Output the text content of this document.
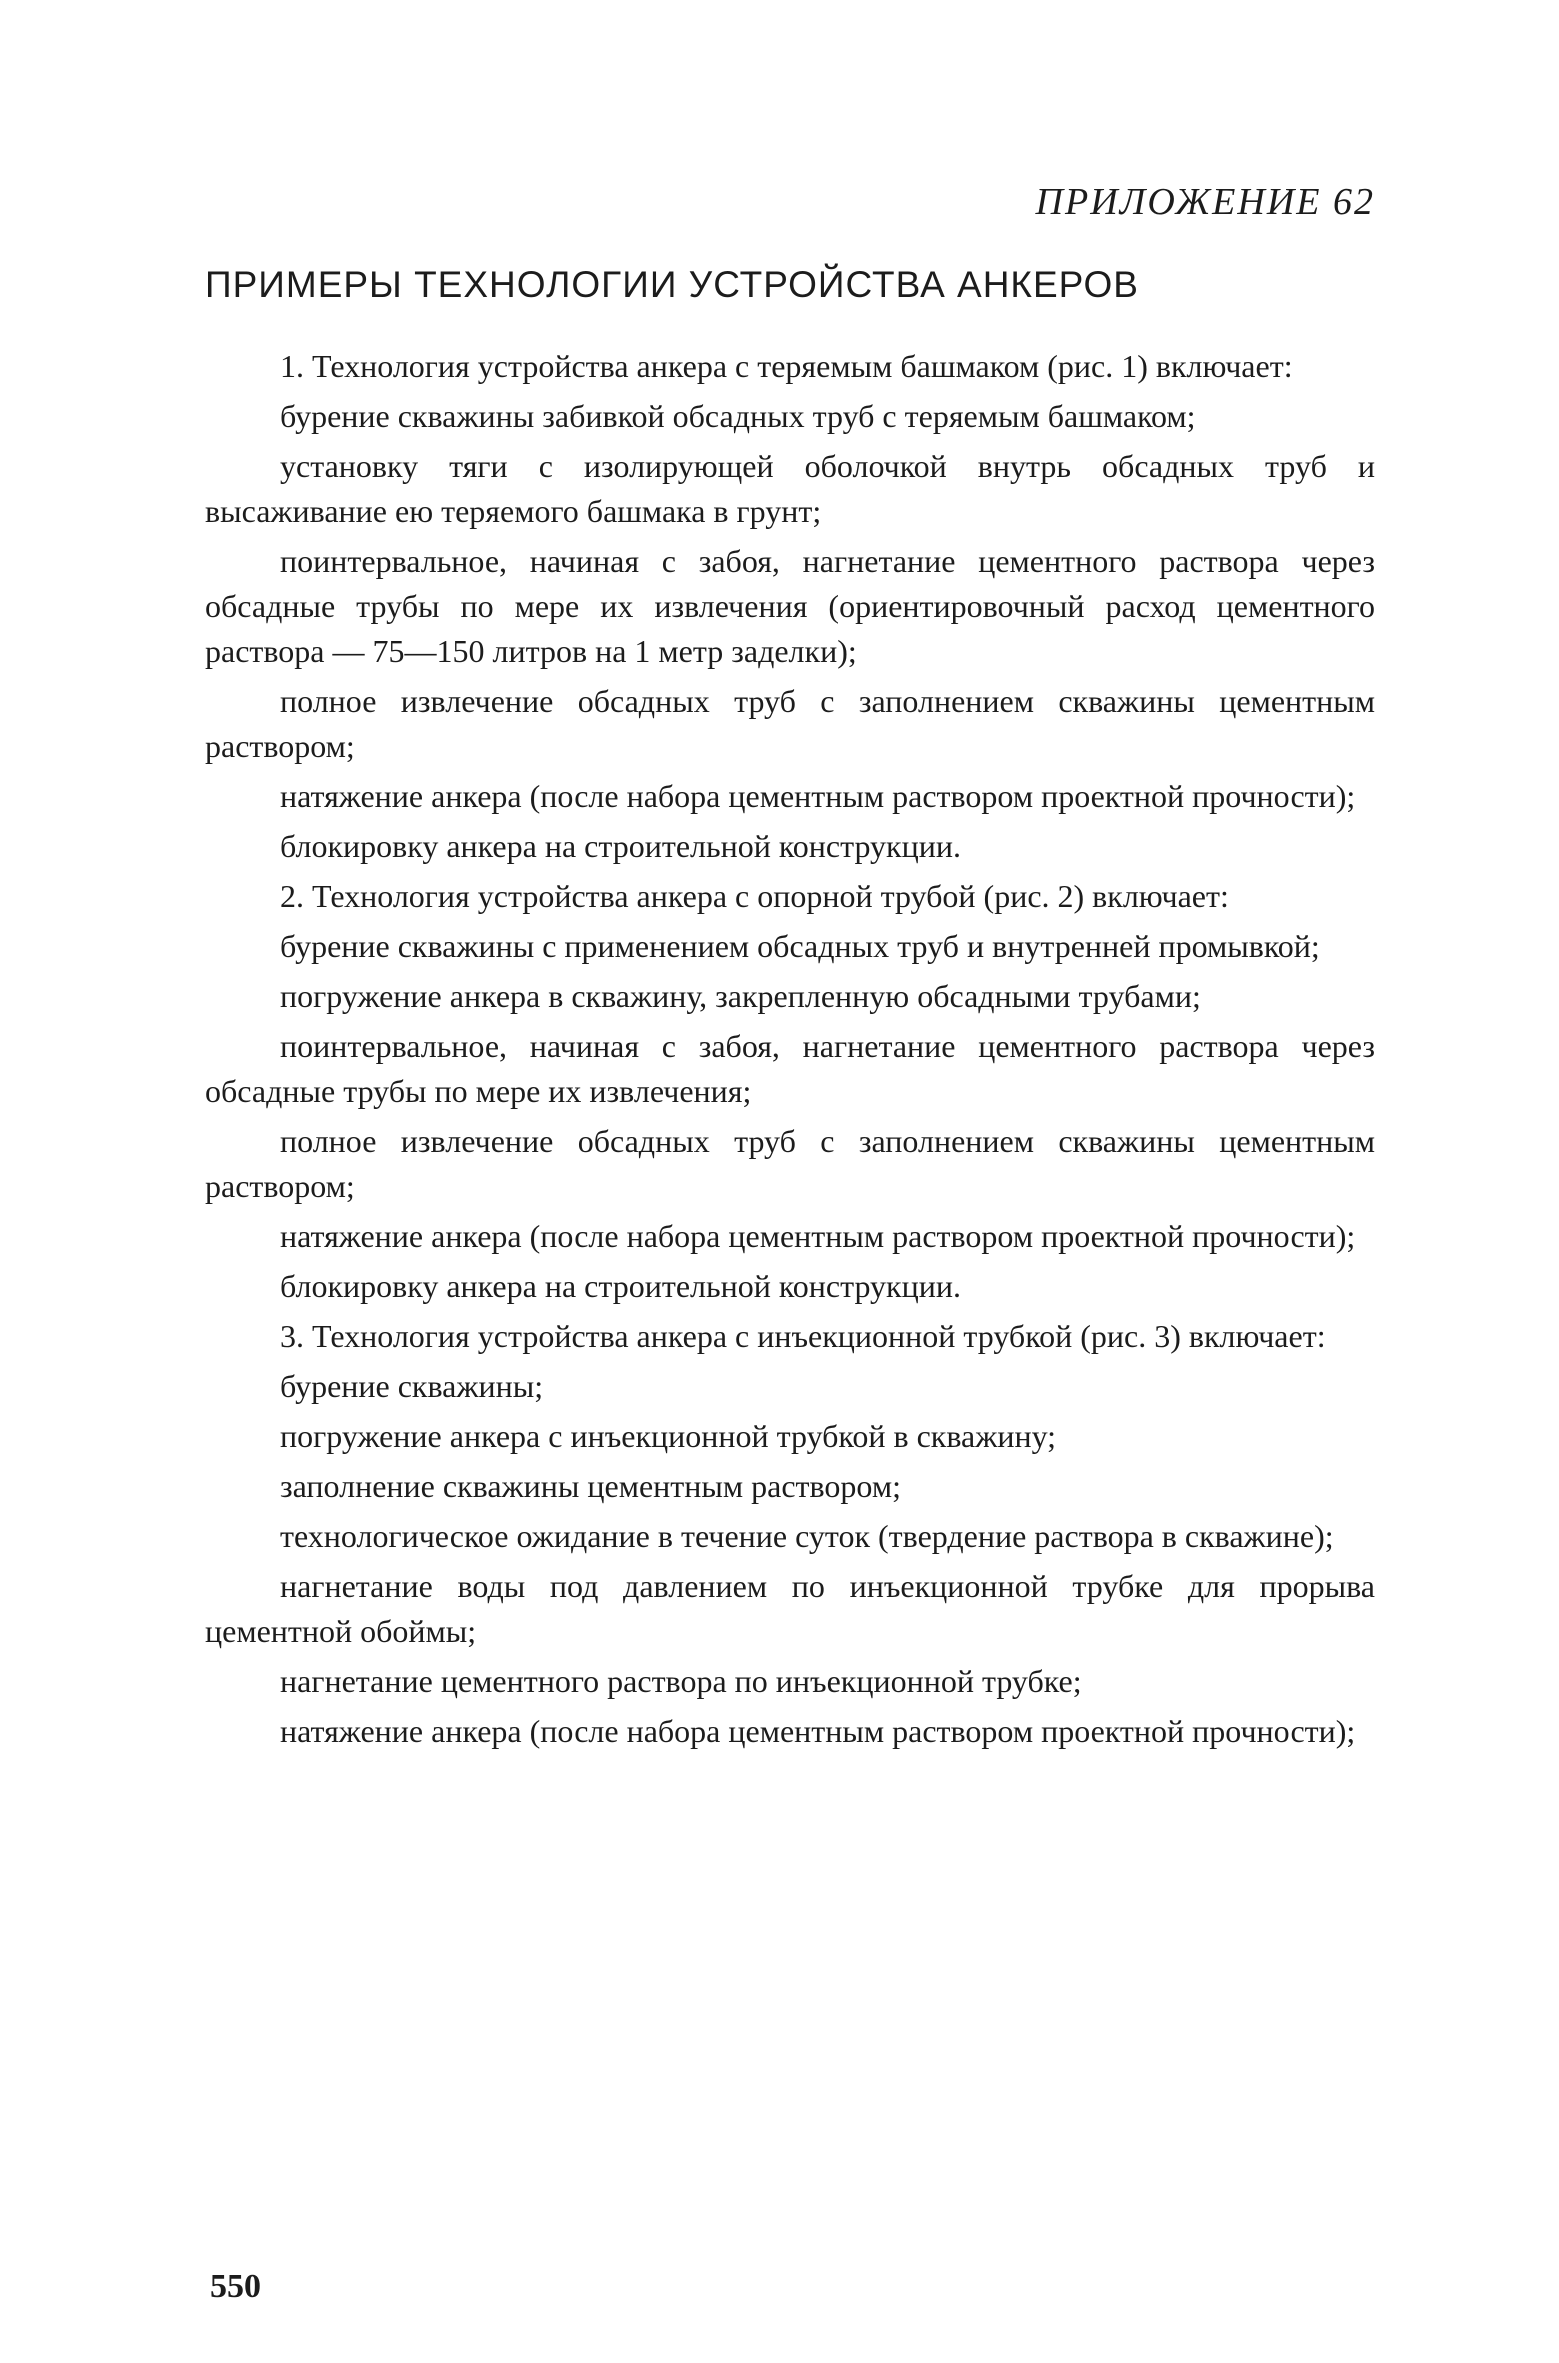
ПРИЛОЖЕНИЕ 62
ПРИМЕРЫ ТЕХНОЛОГИИ УСТРОЙСТВА АНКЕРОВ

1. Технология устройства анкера с теряемым башмаком (рис. 1) включает:

бурение скважины забивкой обсадных труб с теряемым башмаком;

установку тяги с изолирующей оболочкой внутрь обсадных труб и высаживание ею теряемого башмака в грунт;

поинтервальное, начиная с забоя, нагнетание цементного раствора через обсадные трубы по мере их извлечения (ориентировочный расход цементного раствора — 75—150 литров на 1 метр заделки);

полное извлечение обсадных труб с заполнением скважины цементным раствором;

натяжение анкера (после набора цементным раствором проектной прочности);

блокировку анкера на строительной конструкции.

2. Технология устройства анкера с опорной трубой (рис. 2) включает:

бурение скважины с применением обсадных труб и внутренней промывкой;

погружение анкера в скважину, закрепленную обсадными трубами;

поинтервальное, начиная с забоя, нагнетание цементного раствора через обсадные трубы по мере их извлечения;

полное извлечение обсадных труб с заполнением скважины цементным раствором;

натяжение анкера (после набора цементным раствором проектной прочности);

блокировку анкера на строительной конструкции.

3. Технология устройства анкера с инъекционной трубкой (рис. 3) включает:

бурение скважины;

погружение анкера с инъекционной трубкой в скважину;

заполнение скважины цементным раствором;

технологическое ожидание в течение суток (твердение раствора в скважине);

нагнетание воды под давлением по инъекционной трубке для прорыва цементной обоймы;

нагнетание цементного раствора по инъекционной трубке;

натяжение анкера (после набора цементным раствором проектной прочности);

550
